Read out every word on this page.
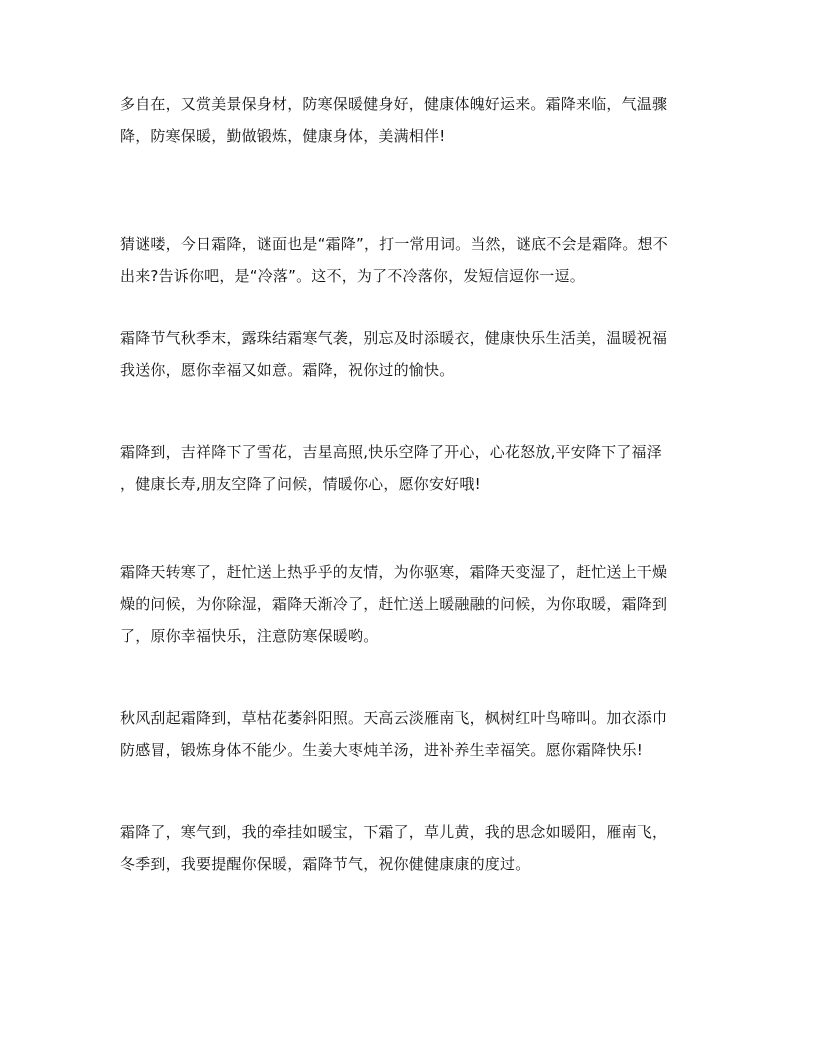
多自在，又赏美景保身材，防寒保暖健身好，健康体魄好运来。霜降来临，气温骤
降，防寒保暖，勤做锻炼，健康身体，美满相伴!

猜谜喽，今日霜降，谜面也是“霜降”，打一常用词。当然，谜底不会是霜降。想不
出来?告诉你吧，是“冷落”。这不，为了不冷落你，发短信逗你一逗。

霜降节气秋季末，露珠结霜寒气袭，别忘及时添暖衣，健康快乐生活美，温暖祝福
我送你，愿你幸福又如意。霜降，祝你过的愉快。

霜降到，吉祥降下了雪花，吉星高照,快乐空降了开心，心花怒放,平安降下了福泽
，健康长寿,朋友空降了问候，情暖你心，愿你安好哦!

霜降天转寒了，赶忙送上热乎乎的友情，为你驱寒，霜降天变湿了，赶忙送上干燥
燥的问候，为你除湿，霜降天渐冷了，赶忙送上暖融融的问候，为你取暖，霜降到
了，原你幸福快乐，注意防寒保暖哟。

秋风刮起霜降到，草枯花萎斜阳照。天高云淡雁南飞，枫树红叶鸟啼叫。加衣添巾
防感冒，锻炼身体不能少。生姜大枣炖羊汤，进补养生幸福笑。愿你霜降快乐!

霜降了，寒气到，我的牵挂如暖宝，下霜了，草儿黄，我的思念如暖阳，雁南飞，
冬季到，我要提醒你保暖，霜降节气，祝你健健康康的度过。
